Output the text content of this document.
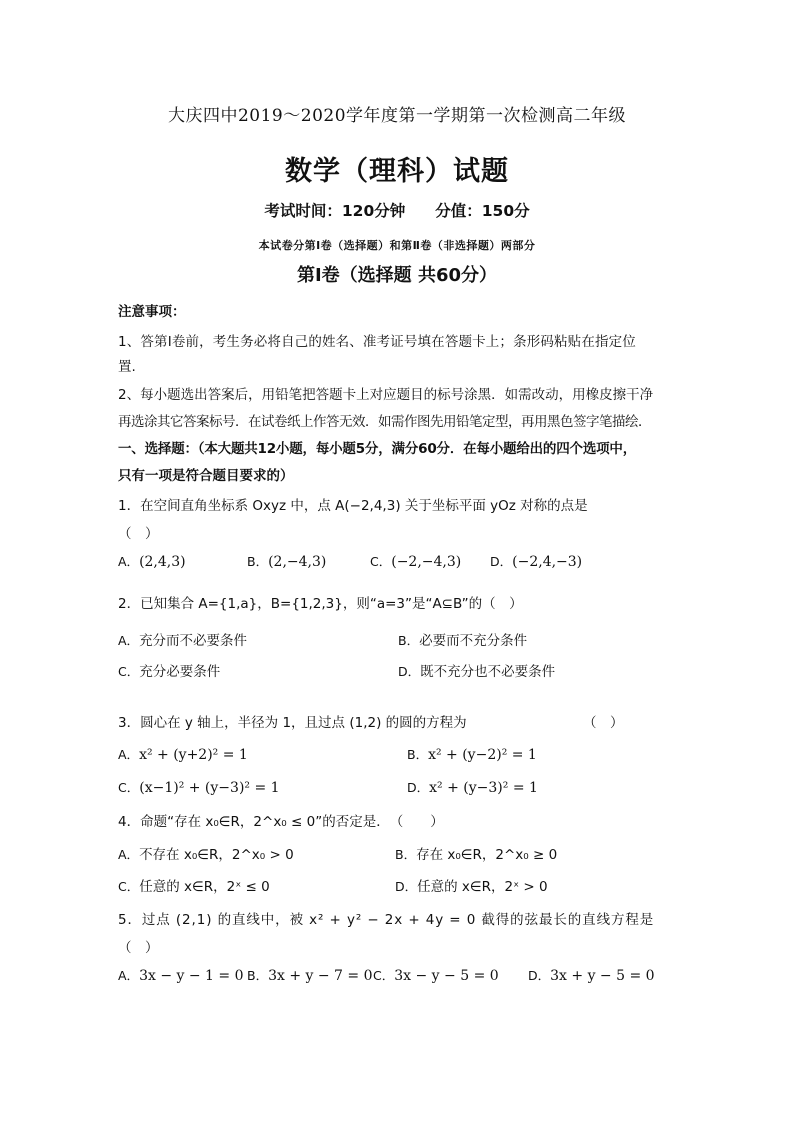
大庆四中2019～2020学年度第一学期第一次检测高二年级
数学（理科）试题
考试时间：120分钟 分值：150分
本试卷分第Ⅰ卷（选择题）和第Ⅱ卷（非选择题）两部分
第Ⅰ卷（选择题 共60分）
注意事项：
1、答第Ⅰ卷前，考生务必将自己的姓名、准考证号填在答题卡上；条形码粘贴在指定位
置.
2、每小题选出答案后，用铅笔把答题卡上对应题目的标号涂黑．如需改动，用橡皮擦干净
再选涂其它答案标号．在试卷纸上作答无效．如需作图先用铅笔定型，再用黑色签字笔描绘．
一、选择题：（本大题共12小题，每小题5分，满分60分．在每小题给出的四个选项中，
只有一项是符合题目要求的）
1．在空间直角坐标系 Oxyz 中，点 A(−2,4,3) 关于坐标平面 yOz 对称的点是
（　）
A．(2,4,3)	B．(2,−4,3)	C．(−2,−4,3) D．(−2,4,−3)
2．已知集合 A={1,a}，B={1,2,3}，则“a=3”是“A⊆B”的（　）
A．充分而不必要条件	B．必要而不充分条件
C．充分必要条件	D．既不充分也不必要条件
3．圆心在 y 轴上，半径为 1，且过点 (1,2) 的圆的方程为	（　）
A．x² + (y+2)² = 1	B．x² + (y−2)² = 1
C．(x−1)² + (y−3)² = 1	D．x² + (y−3)² = 1
4．命题“存在 x₀∈R，2^x₀ ≤ 0”的否定是．　（　　）
A．不存在 x₀∈R，2^x₀ > 0	B．存在 x₀∈R，2^x₀ ≥ 0
C．任意的 x∈R，2ˣ ≤ 0	D．任意的 x∈R，2ˣ > 0
5．过点 (2,1) 的直线中，被 x² + y² − 2x + 4y = 0 截得的弦最长的直线方程是
（　）
A．3x − y − 1 = 0 B．3x + y − 7 = 0 C．3x − y − 5 = 0 D．3x + y − 5 = 0
